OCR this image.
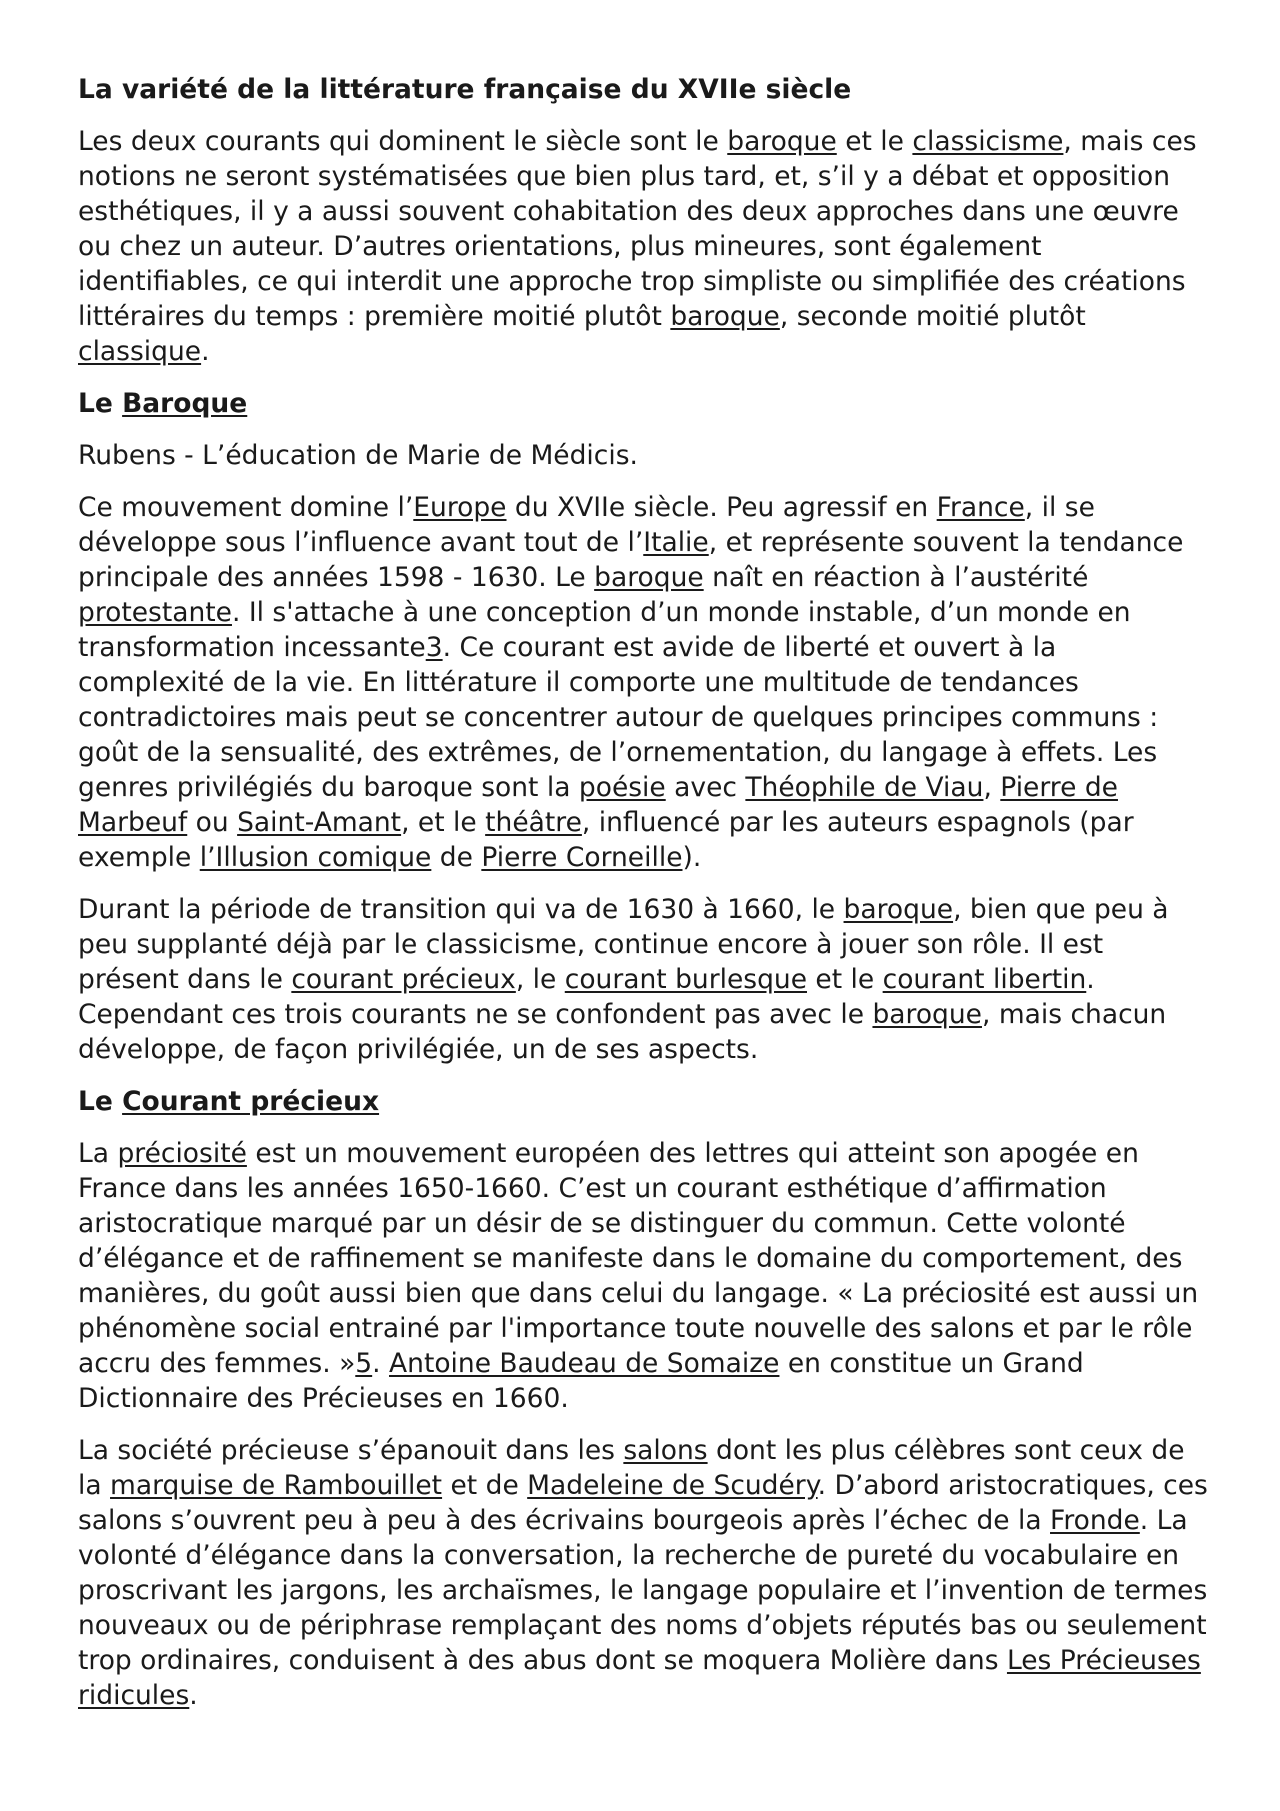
La variété de la littérature française du XVIIe siècle

Les deux courants qui dominent le siècle sont le baroque et le classicisme, mais ces notions ne seront systématisées que bien plus tard, et, s’il y a débat et opposition esthétiques, il y a aussi souvent cohabitation des deux approches dans une œuvre ou chez un auteur. D’autres orientations, plus mineures, sont également identifiables, ce qui interdit une approche trop simpliste ou simplifiée des créations littéraires du temps : première moitié plutôt baroque, seconde moitié plutôt classique.

Le Baroque

Rubens - L’éducation de Marie de Médicis.

Ce mouvement domine l’Europe du XVIIe siècle. Peu agressif en France, il se développe sous l’influence avant tout de l’Italie, et représente souvent la tendance principale des années 1598 - 1630. Le baroque naît en réaction à l’austérité protestante. Il s'attache à une conception d’un monde instable, d’un monde en transformation incessante3. Ce courant est avide de liberté et ouvert à la complexité de la vie. En littérature il comporte une multitude de tendances contradictoires mais peut se concentrer autour de quelques principes communs : goût de la sensualité, des extrêmes, de l’ornementation, du langage à effets. Les genres privilégiés du baroque sont la poésie avec Théophile de Viau, Pierre de Marbeuf ou Saint-Amant, et le théâtre, influencé par les auteurs espagnols (par exemple l’Illusion comique de Pierre Corneille).

Durant la période de transition qui va de 1630 à 1660, le baroque, bien que peu à peu supplanté déjà par le classicisme, continue encore à jouer son rôle. Il est présent dans le courant précieux, le courant burlesque et le courant libertin. Cependant ces trois courants ne se confondent pas avec le baroque, mais chacun développe, de façon privilégiée, un de ses aspects.

Le Courant précieux

La préciosité est un mouvement européen des lettres qui atteint son apogée en France dans les années 1650-1660. C’est un courant esthétique d’affirmation aristocratique marqué par un désir de se distinguer du commun. Cette volonté d’élégance et de raffinement se manifeste dans le domaine du comportement, des manières, du goût aussi bien que dans celui du langage. « La préciosité est aussi un phénomène social entrainé par l'importance toute nouvelle des salons et par le rôle accru des femmes. »5. Antoine Baudeau de Somaize en constitue un Grand Dictionnaire des Précieuses en 1660.

La société précieuse s’épanouit dans les salons dont les plus célèbres sont ceux de la marquise de Rambouillet et de Madeleine de Scudéry. D’abord aristocratiques, ces salons s’ouvrent peu à peu à des écrivains bourgeois après l’échec de la Fronde. La volonté d’élégance dans la conversation, la recherche de pureté du vocabulaire en proscrivant les jargons, les archaïsmes, le langage populaire et l’invention de termes nouveaux ou de périphrase remplaçant des noms d’objets réputés bas ou seulement trop ordinaires, conduisent à des abus dont se moquera Molière dans Les Précieuses ridicules.
